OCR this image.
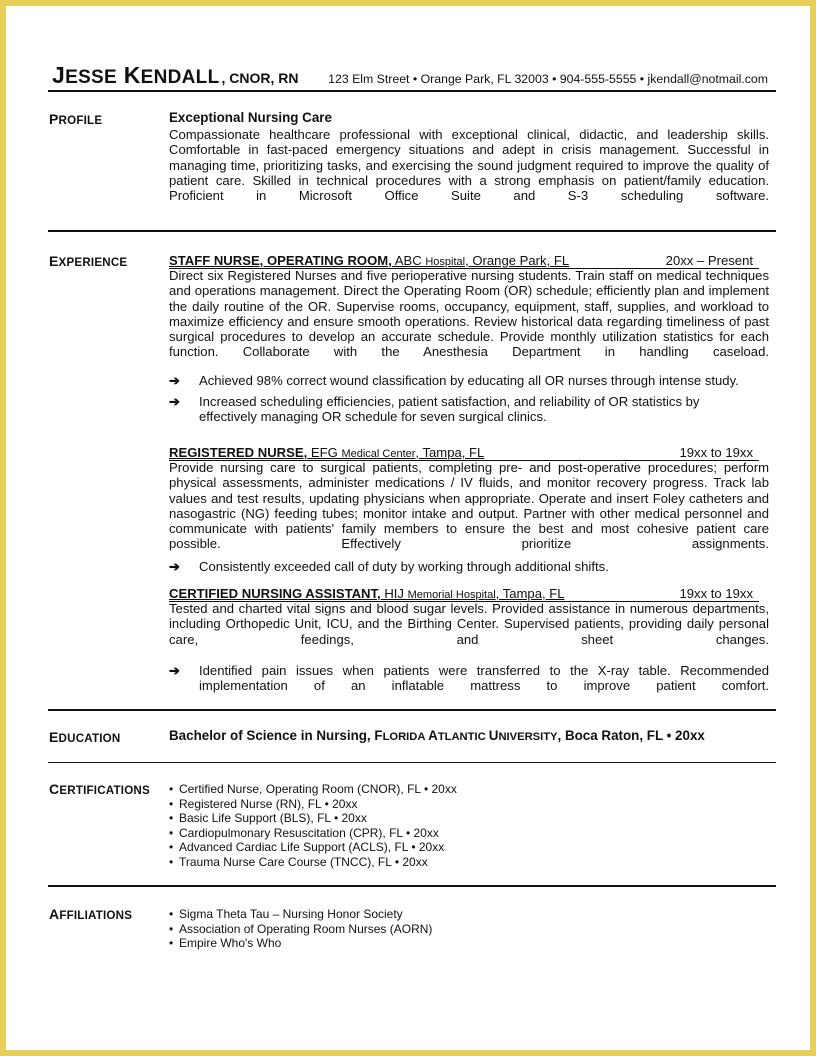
JESSE KENDALL , CNOR, RN 123 Elm Street • Orange Park, FL 32003 • 904-555-5555 • jkendall@notmail.com
PROFILE	Exceptional Nursing Care
Compassionate healthcare professional with exceptional clinical, didactic, and leadership skills. Comfortable in fast-paced emergency situations and adept in crisis management. Successful in managing time, prioritizing tasks, and exercising the sound judgment required to improve the quality of patient care. Skilled in technical procedures with a strong emphasis on patient/family education. Proficient in Microsoft Office Suite and S-3 scheduling software.
EXPERIENCE	STAFF NURSE, OPERATING ROOM, ABC Hospital, Orange Park, FL	20xx – Present
Direct six Registered Nurses and five perioperative nursing students. Train staff on medical techniques and operations management. Direct the Operating Room (OR) schedule; efficiently plan and implement the daily routine of the OR. Supervise rooms, occupancy, equipment, staff, supplies, and workload to maximize efficiency and ensure smooth operations. Review historical data regarding timeliness of past surgical procedures to develop an accurate schedule. Provide monthly utilization statistics for each function. Collaborate with the Anesthesia Department in handling caseload.
➔ Achieved 98% correct wound classification by educating all OR nurses through intense study.
➔ Increased scheduling efficiencies, patient satisfaction, and reliability of OR statistics by effectively managing OR schedule for seven surgical clinics.
REGISTERED NURSE, EFG Medical Center, Tampa, FL	19xx to 19xx
Provide nursing care to surgical patients, completing pre- and post-operative procedures; perform physical assessments, administer medications / IV fluids, and monitor recovery progress. Track lab values and test results, updating physicians when appropriate. Operate and insert Foley catheters and nasogastric (NG) feeding tubes; monitor intake and output. Partner with other medical personnel and communicate with patients' family members to ensure the best and most cohesive patient care possible. Effectively prioritize assignments.
➔ Consistently exceeded call of duty by working through additional shifts.
CERTIFIED NURSING ASSISTANT, HIJ Memorial Hospital, Tampa, FL	19xx to 19xx
Tested and charted vital signs and blood sugar levels. Provided assistance in numerous departments, including Orthopedic Unit, ICU, and the Birthing Center. Supervised patients, providing daily personal care, feedings, and sheet changes.
➔ Identified pain issues when patients were transferred to the X-ray table. Recommended implementation of an inflatable mattress to improve patient comfort.
EDUCATION	Bachelor of Science in Nursing, FLORIDA ATLANTIC UNIVERSITY, Boca Raton, FL • 20xx
CERTIFICATIONS	• Certified Nurse, Operating Room (CNOR), FL • 20xx
• Registered Nurse (RN), FL • 20xx
• Basic Life Support (BLS), FL • 20xx
• Cardiopulmonary Resuscitation (CPR), FL • 20xx
• Advanced Cardiac Life Support (ACLS), FL • 20xx
• Trauma Nurse Care Course (TNCC), FL • 20xx
AFFILIATIONS	• Sigma Theta Tau – Nursing Honor Society
• Association of Operating Room Nurses (AORN)
• Empire Who's Who
